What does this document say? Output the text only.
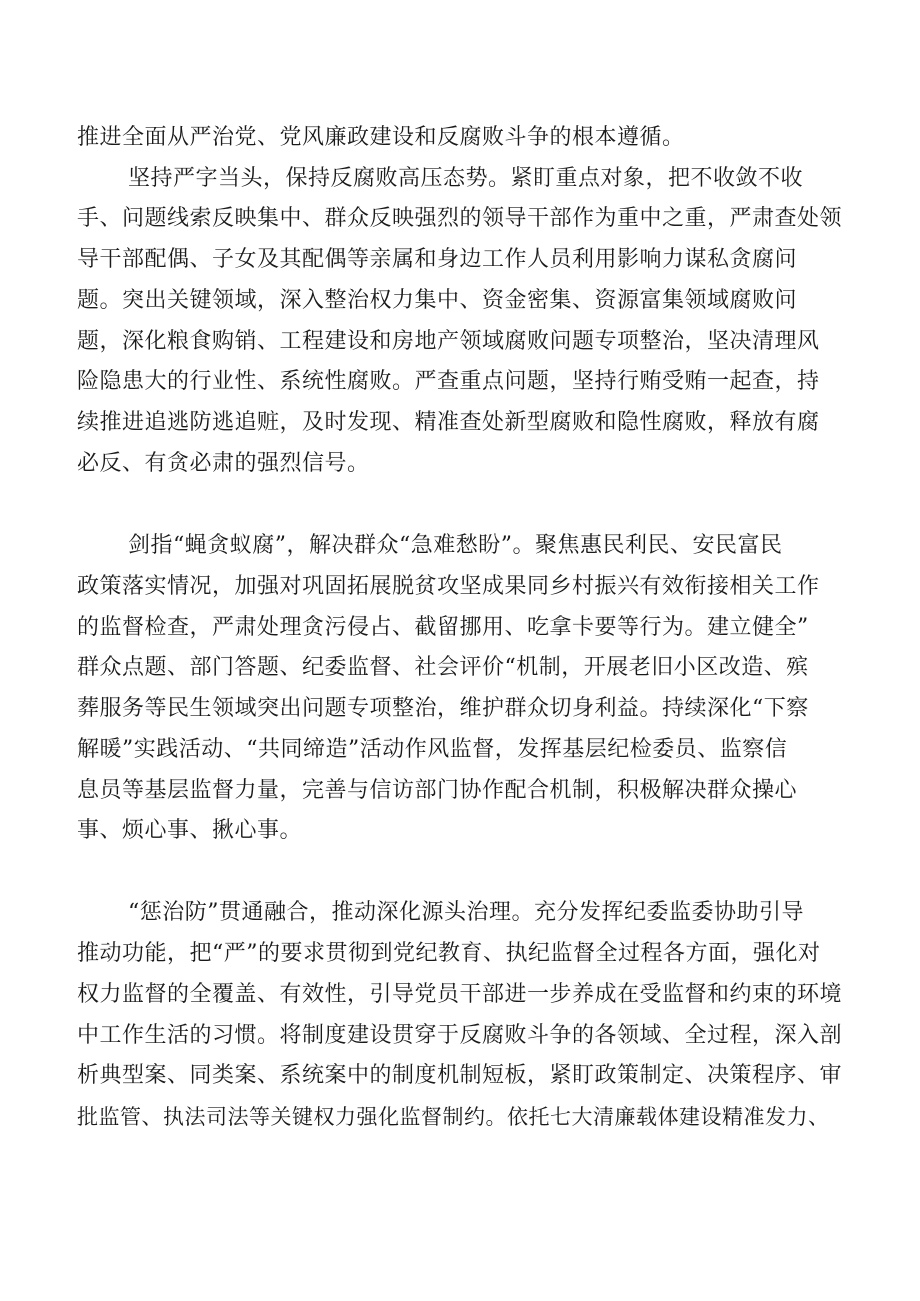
推进全面从严治党、党风廉政建设和反腐败斗争的根本遵循。
坚持严字当头，保持反腐败高压态势。紧盯重点对象，把不收敛不收
手、问题线索反映集中、群众反映强烈的领导干部作为重中之重，严肃查处领
导干部配偶、子女及其配偶等亲属和身边工作人员利用影响力谋私贪腐问
题。突出关键领域，深入整治权力集中、资金密集、资源富集领域腐败问
题，深化粮食购销、工程建设和房地产领域腐败问题专项整治，坚决清理风
险隐患大的行业性、系统性腐败。严查重点问题，坚持行贿受贿一起查，持
续推进追逃防逃追赃，及时发现、精准查处新型腐败和隐性腐败，释放有腐
必反、有贪必肃的强烈信号。
剑指“蝇贪蚁腐”，解决群众“急难愁盼”。聚焦惠民利民、安民富民
政策落实情况，加强对巩固拓展脱贫攻坚成果同乡村振兴有效衔接相关工作
的监督检查，严肃处理贪污侵占、截留挪用、吃拿卡要等行为。建立健全”
群众点题、部门答题、纪委监督、社会评价“机制，开展老旧小区改造、殡
葬服务等民生领域突出问题专项整治，维护群众切身利益。持续深化“下察
解暖”实践活动、“共同缔造”活动作风监督，发挥基层纪检委员、监察信
息员等基层监督力量，完善与信访部门协作配合机制，积极解决群众操心
事、烦心事、揪心事。
“惩治防”贯通融合，推动深化源头治理。充分发挥纪委监委协助引导
推动功能，把“严”的要求贯彻到党纪教育、执纪监督全过程各方面，强化对
权力监督的全覆盖、有效性，引导党员干部进一步养成在受监督和约束的环境
中工作生活的习惯。将制度建设贯穿于反腐败斗争的各领域、全过程，深入剖
析典型案、同类案、系统案中的制度机制短板，紧盯政策制定、决策程序、审
批监管、执法司法等关键权力强化监督制约。依托七大清廉载体建设精准发力、
